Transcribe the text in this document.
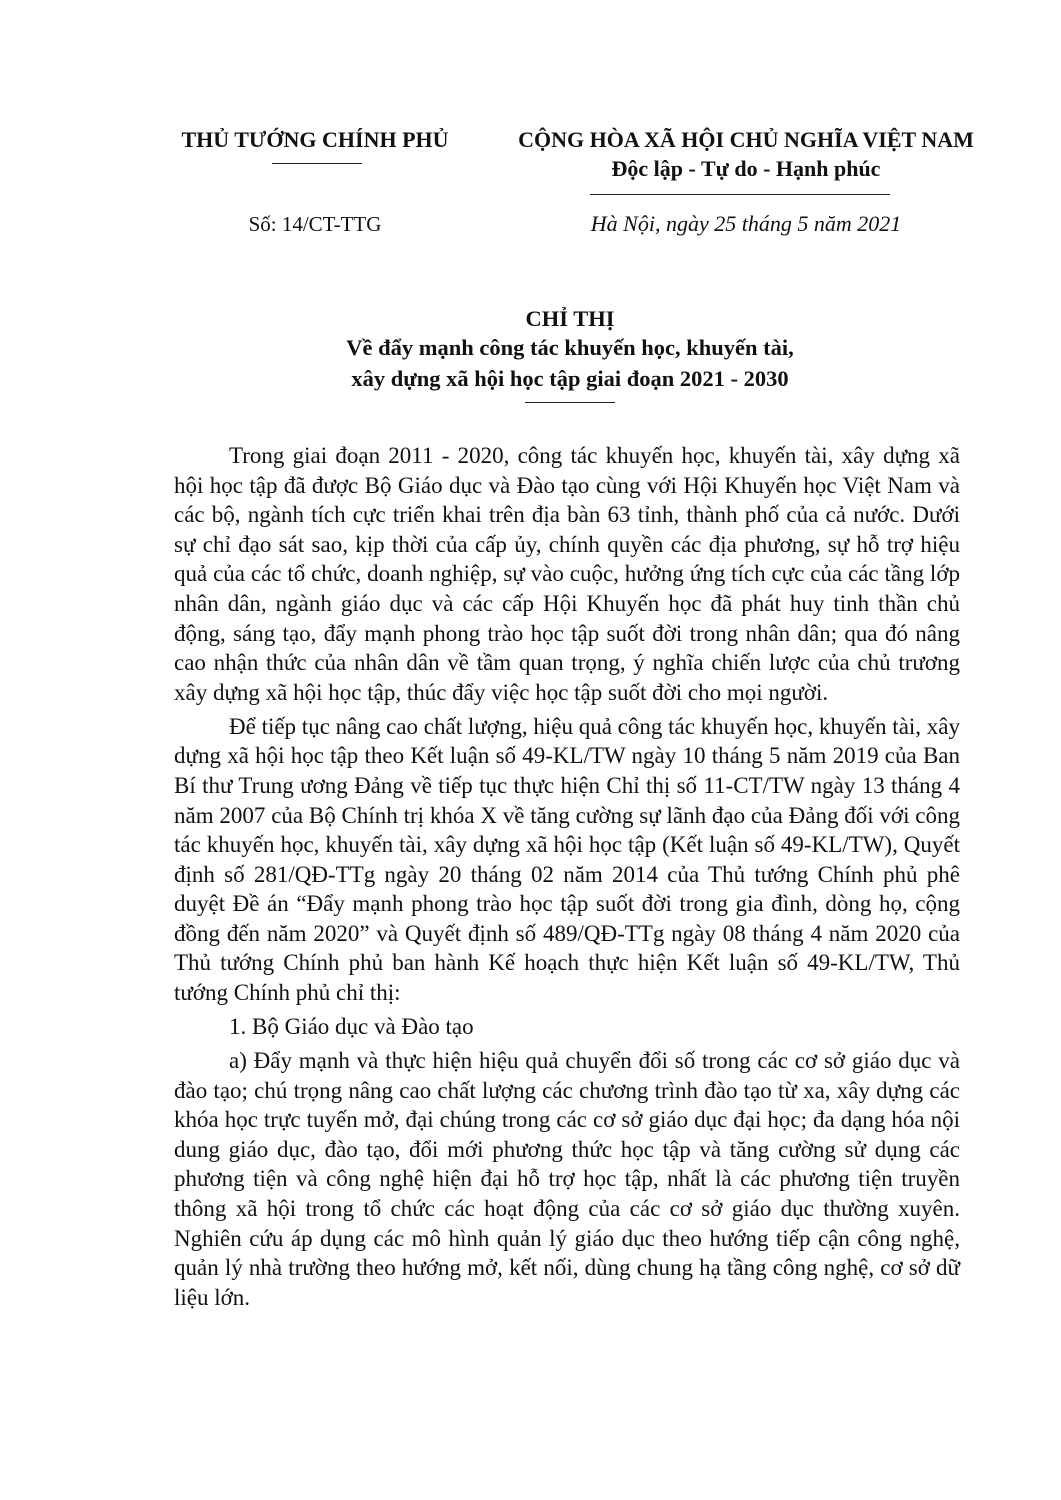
THỦ TƯỚNG CHÍNH PHỦ	CỘNG HÒA XÃ HỘI CHỦ NGHĨA VIỆT NAM
Độc lập - Tự do - Hạnh phúc
Số: 14/CT-TTG	Hà Nội, ngày 25 tháng 5 năm 2021
CHỈ THỊ
Về đẩy mạnh công tác khuyến học, khuyến tài,
xây dựng xã hội học tập giai đoạn 2021 - 2030

Trong giai đoạn 2011 - 2020, công tác khuyến học, khuyến tài, xây dựng xã hội học tập đã được Bộ Giáo dục và Đào tạo cùng với Hội Khuyến học Việt Nam và các bộ, ngành tích cực triển khai trên địa bàn 63 tỉnh, thành phố của cả nước. Dưới sự chỉ đạo sát sao, kịp thời của cấp ủy, chính quyền các địa phương, sự hỗ trợ hiệu quả của các tổ chức, doanh nghiệp, sự vào cuộc, hưởng ứng tích cực của các tầng lớp nhân dân, ngành giáo dục và các cấp Hội Khuyến học đã phát huy tinh thần chủ động, sáng tạo, đẩy mạnh phong trào học tập suốt đời trong nhân dân; qua đó nâng cao nhận thức của nhân dân về tầm quan trọng, ý nghĩa chiến lược của chủ trương xây dựng xã hội học tập, thúc đẩy việc học tập suốt đời cho mọi người.

Để tiếp tục nâng cao chất lượng, hiệu quả công tác khuyến học, khuyến tài, xây dựng xã hội học tập theo Kết luận số 49-KL/TW ngày 10 tháng 5 năm 2019 của Ban Bí thư Trung ương Đảng về tiếp tục thực hiện Chỉ thị số 11-CT/TW ngày 13 tháng 4 năm 2007 của Bộ Chính trị khóa X về tăng cường sự lãnh đạo của Đảng đối với công tác khuyến học, khuyến tài, xây dựng xã hội học tập (Kết luận số 49-KL/TW), Quyết định số 281/QĐ-TTg ngày 20 tháng 02 năm 2014 của Thủ tướng Chính phủ phê duyệt Đề án “Đẩy mạnh phong trào học tập suốt đời trong gia đình, dòng họ, cộng đồng đến năm 2020” và Quyết định số 489/QĐ-TTg ngày 08 tháng 4 năm 2020 của Thủ tướng Chính phủ ban hành Kế hoạch thực hiện Kết luận số 49-KL/TW, Thủ tướng Chính phủ chỉ thị:

1. Bộ Giáo dục và Đào tạo

a) Đẩy mạnh và thực hiện hiệu quả chuyển đổi số trong các cơ sở giáo dục và đào tạo; chú trọng nâng cao chất lượng các chương trình đào tạo từ xa, xây dựng các khóa học trực tuyến mở, đại chúng trong các cơ sở giáo dục đại học; đa dạng hóa nội dung giáo dục, đào tạo, đổi mới phương thức học tập và tăng cường sử dụng các phương tiện và công nghệ hiện đại hỗ trợ học tập, nhất là các phương tiện truyền thông xã hội trong tổ chức các hoạt động của các cơ sở giáo dục thường xuyên. Nghiên cứu áp dụng các mô hình quản lý giáo dục theo hướng tiếp cận công nghệ, quản lý nhà trường theo hướng mở, kết nối, dùng chung hạ tầng công nghệ, cơ sở dữ liệu lớn.
